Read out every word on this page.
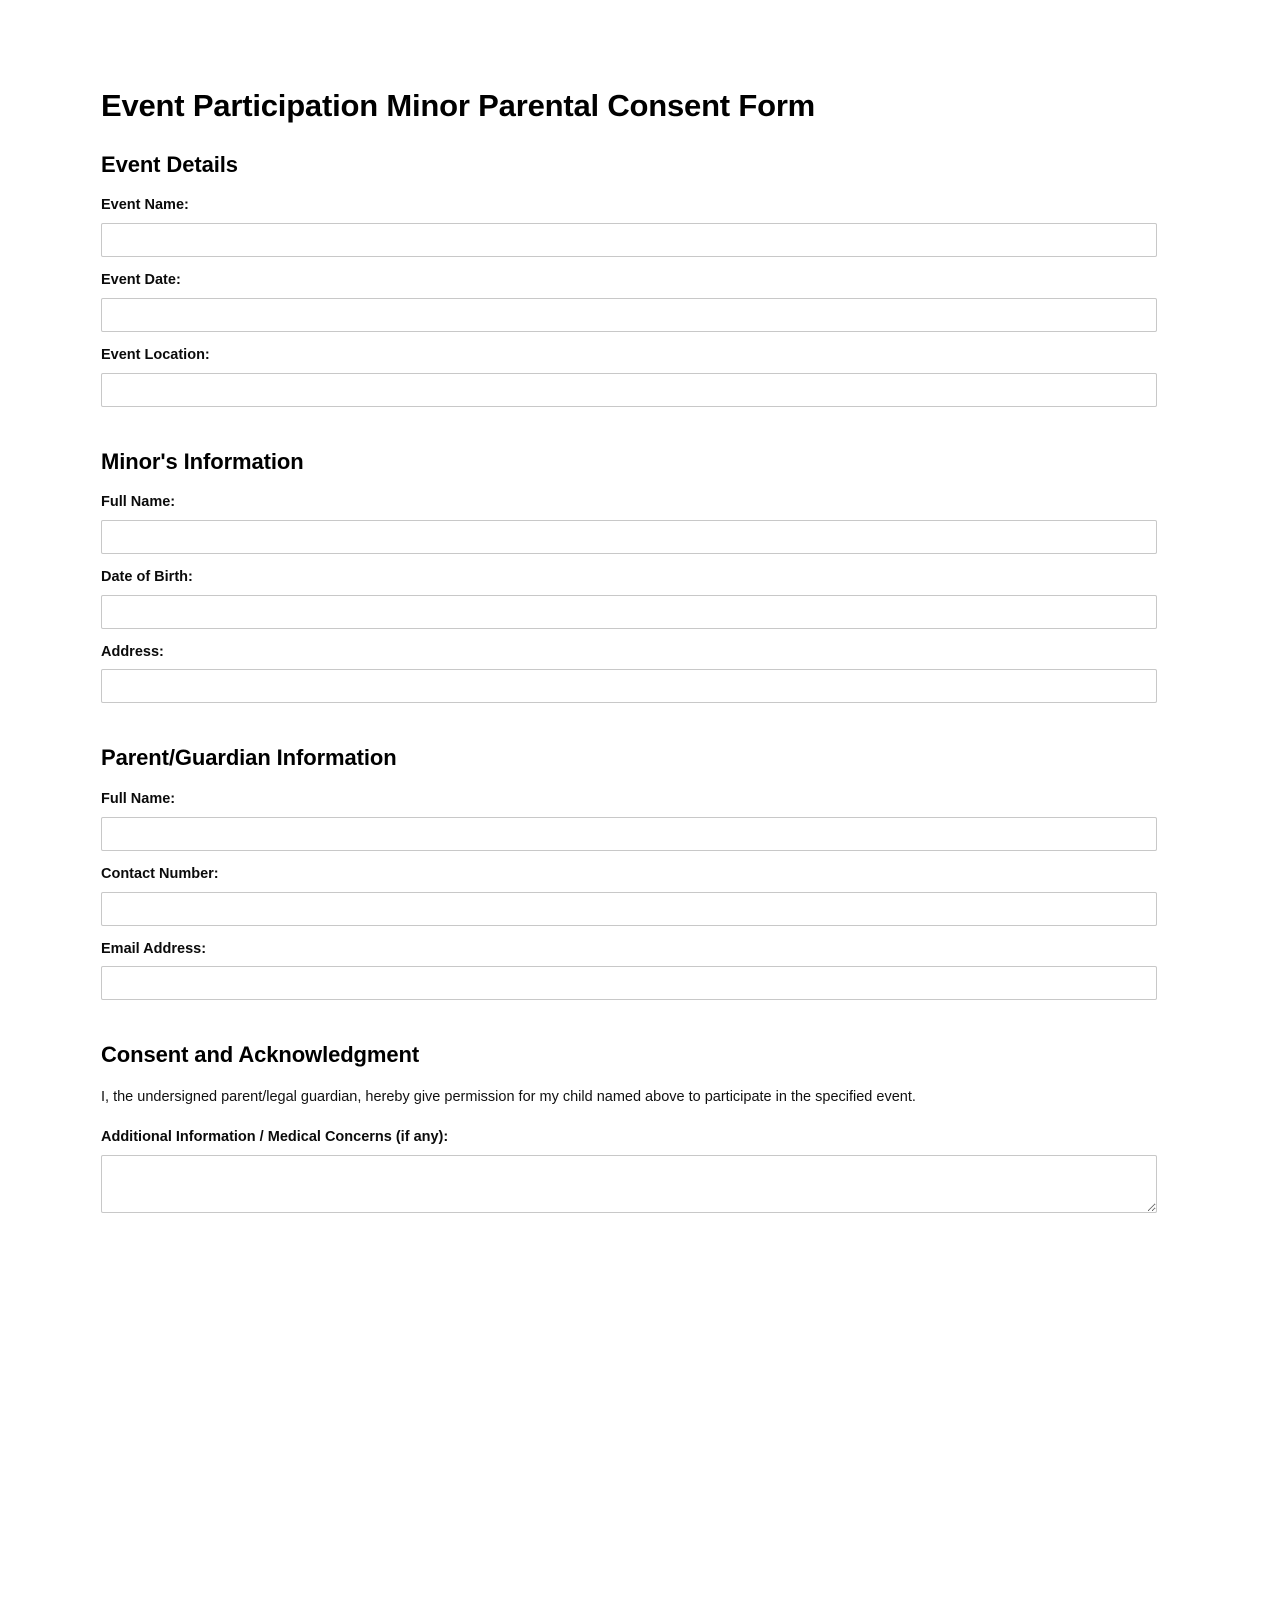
Event Participation Minor Parental Consent Form
Event Details
Event Name:
Event Date:
Event Location:
Minor's Information
Full Name:
Date of Birth:
Address:
Parent/Guardian Information
Full Name:
Contact Number:
Email Address:
Consent and Acknowledgment

I, the undersigned parent/legal guardian, hereby give permission for my child named above to participate in the specified event.

Additional Information / Medical Concerns (if any):
